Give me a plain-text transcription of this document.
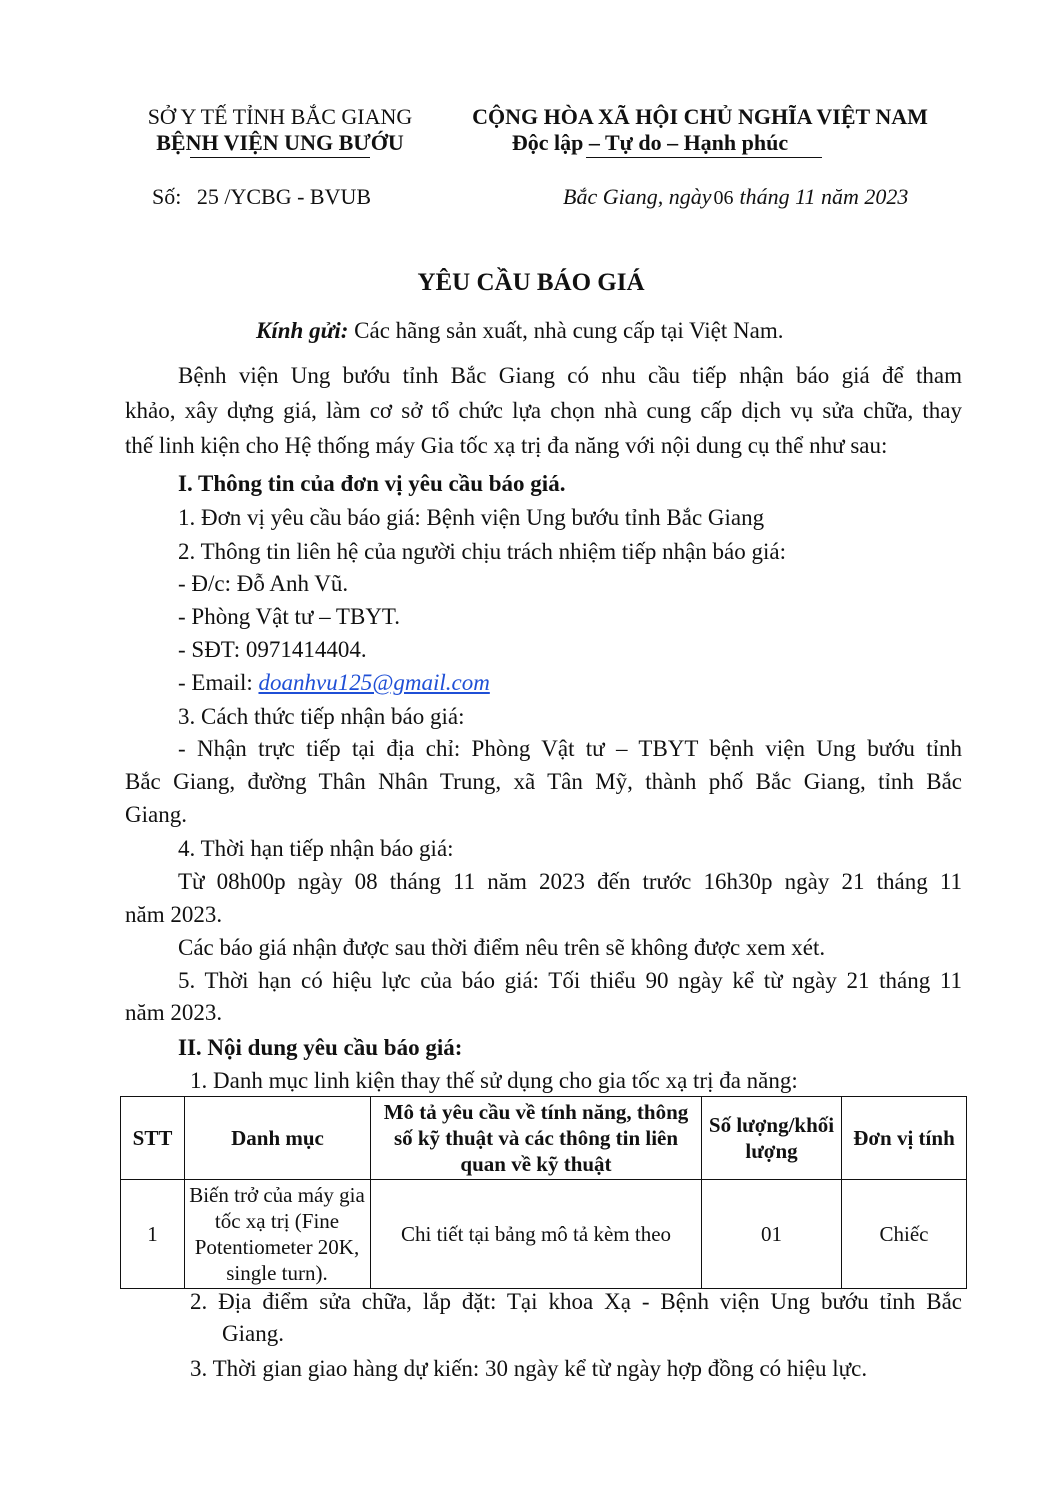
SỞ Y TẾ TỈNH BẮC GIANG
BỆNH VIỆN UNG BƯỚU
CỘNG HÒA XÃ HỘI CHỦ NGHĨA VIỆT NAM
Độc lập – Tự do – Hạnh phúc
Số: 25 /YCBG - BVUB	Bắc Giang, ngày 06 tháng 11 năm 2023
YÊU CẦU BÁO GIÁ
Kính gửi: Các hãng sản xuất, nhà cung cấp tại Việt Nam.
Bệnh viện Ung bướu tỉnh Bắc Giang có nhu cầu tiếp nhận báo giá để tham
khảo, xây dựng giá, làm cơ sở tổ chức lựa chọn nhà cung cấp dịch vụ sửa chữa, thay
thế linh kiện cho Hệ thống máy Gia tốc xạ trị đa năng với nội dung cụ thể như sau:
I. Thông tin của đơn vị yêu cầu báo giá.
1. Đơn vị yêu cầu báo giá: Bệnh viện Ung bướu tỉnh Bắc Giang
2. Thông tin liên hệ của người chịu trách nhiệm tiếp nhận báo giá:
- Đ/c: Đỗ Anh Vũ.
- Phòng Vật tư – TBYT.
- SĐT: 0971414404.
- Email: doanhvu125@gmail.com
3. Cách thức tiếp nhận báo giá:
- Nhận trực tiếp tại địa chỉ: Phòng Vật tư – TBYT bệnh viện Ung bướu tỉnh
Bắc Giang, đường Thân Nhân Trung, xã Tân Mỹ, thành phố Bắc Giang, tỉnh Bắc
Giang.
4. Thời hạn tiếp nhận báo giá:
Từ 08h00p ngày 08 tháng 11 năm 2023 đến trước 16h30p ngày 21 tháng 11
năm 2023.
Các báo giá nhận được sau thời điểm nêu trên sẽ không được xem xét.
5. Thời hạn có hiệu lực của báo giá: Tối thiểu 90 ngày kể từ ngày 21 tháng 11
năm 2023.
II. Nội dung yêu cầu báo giá:
1. Danh mục linh kiện thay thế sử dụng cho gia tốc xạ trị đa năng:
STT	Danh mục	Mô tả yêu cầu về tính năng, thông số kỹ thuật và các thông tin liên quan về kỹ thuật	Số lượng/khối lượng	Đơn vị tính
1	Biến trở của máy gia tốc xạ trị (Fine Potentiometer 20K, single turn).	Chi tiết tại bảng mô tả kèm theo	01	Chiếc
2. Địa điểm sửa chữa, lắp đặt: Tại khoa Xạ - Bệnh viện Ung bướu tỉnh Bắc
Giang.
3. Thời gian giao hàng dự kiến: 30 ngày kể từ ngày hợp đồng có hiệu lực.
